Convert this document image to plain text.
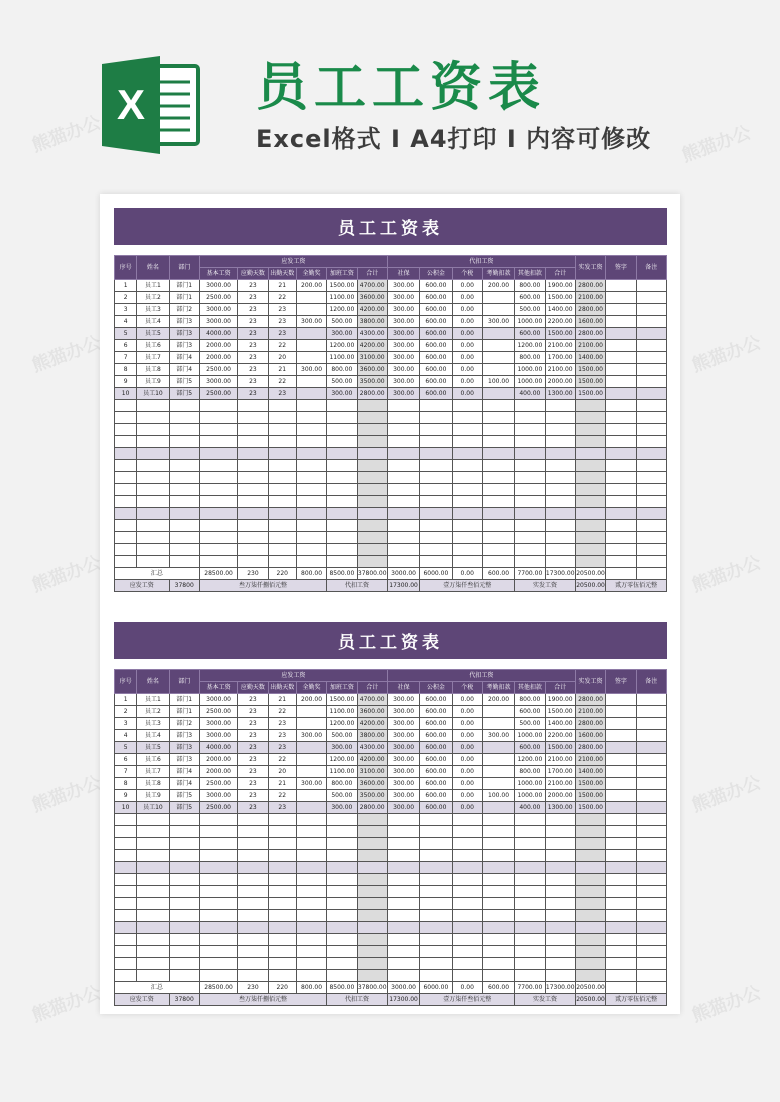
熊猫办公	熊猫办公
熊猫办公	熊猫办公
熊猫办公	熊猫办公
熊猫办公	熊猫办公
熊猫办公	熊猫办公
X 员工工资表
Excel格式 I A4打印 I 内容可修改
员工工资表
序号	姓名	部门	应发工资						代扣工资						实发工资	签字	备注
			基本工资	应勤天数	出勤天数	全勤奖	加班工资	合计	社保	公积金	个税	考勤扣款	其他扣款	合计			
1	员工1	部门1	3000.00	23	21	200.00	1500.00	4700.00	300.00	600.00	0.00	200.00	800.00	1900.00	2800.00		
2	员工2	部门1	2500.00	23	22		1100.00	3600.00	300.00	600.00	0.00		600.00	1500.00	2100.00		
3	员工3	部门2	3000.00	23	23		1200.00	4200.00	300.00	600.00	0.00		500.00	1400.00	2800.00		
4	员工4	部门3	3000.00	23	23	300.00	500.00	3800.00	300.00	600.00	0.00	300.00	1000.00	2200.00	1600.00		
5	员工5	部门3	4000.00	23	23		300.00	4300.00	300.00	600.00	0.00		600.00	1500.00	2800.00		
6	员工6	部门3	2000.00	23	22		1200.00	4200.00	300.00	600.00	0.00		1200.00	2100.00	2100.00		
7	员工7	部门4	2000.00	23	20		1100.00	3100.00	300.00	600.00	0.00		800.00	1700.00	1400.00		
8	员工8	部门4	2500.00	23	21	300.00	800.00	3600.00	300.00	600.00	0.00		1000.00	2100.00	1500.00		
9	员工9	部门5	3000.00	23	22		500.00	3500.00	300.00	600.00	0.00	100.00	1000.00	2000.00	1500.00		
10	员工10	部门5	2500.00	23	23		300.00	2800.00	300.00	600.00	0.00		400.00	1300.00	1500.00		

汇总			28500.00	230	220	800.00	8500.00	37800.00	3000.00	6000.00	0.00	600.00	7700.00	17300.00	20500.00		
应发工资		37800	叁万柒仟捌佰元整				代扣工资		17300.00	壹万柒仟叁佰元整			实发工资		20500.00	贰万零伍佰元整	
员工工资表
序号	姓名	部门	应发工资						代扣工资						实发工资	签字	备注
			基本工资	应勤天数	出勤天数	全勤奖	加班工资	合计	社保	公积金	个税	考勤扣款	其他扣款	合计			
1	员工1	部门1	3000.00	23	21	200.00	1500.00	4700.00	300.00	600.00	0.00	200.00	800.00	1900.00	2800.00		
2	员工2	部门1	2500.00	23	22		1100.00	3600.00	300.00	600.00	0.00		600.00	1500.00	2100.00		
3	员工3	部门2	3000.00	23	23		1200.00	4200.00	300.00	600.00	0.00		500.00	1400.00	2800.00		
4	员工4	部门3	3000.00	23	23	300.00	500.00	3800.00	300.00	600.00	0.00	300.00	1000.00	2200.00	1600.00		
5	员工5	部门3	4000.00	23	23		300.00	4300.00	300.00	600.00	0.00		600.00	1500.00	2800.00		
6	员工6	部门3	2000.00	23	22		1200.00	4200.00	300.00	600.00	0.00		1200.00	2100.00	2100.00		
7	员工7	部门4	2000.00	23	20		1100.00	3100.00	300.00	600.00	0.00		800.00	1700.00	1400.00		
8	员工8	部门4	2500.00	23	21	300.00	800.00	3600.00	300.00	600.00	0.00		1000.00	2100.00	1500.00		
9	员工9	部门5	3000.00	23	22		500.00	3500.00	300.00	600.00	0.00	100.00	1000.00	2000.00	1500.00		
10	员工10	部门5	2500.00	23	23		300.00	2800.00	300.00	600.00	0.00		400.00	1300.00	1500.00		

汇总			28500.00	230	220	800.00	8500.00	37800.00	3000.00	6000.00	0.00	600.00	7700.00	17300.00	20500.00		
应发工资		37800	叁万柒仟捌佰元整				代扣工资		17300.00	壹万柒仟叁佰元整			实发工资		20500.00	贰万零伍佰元整	
